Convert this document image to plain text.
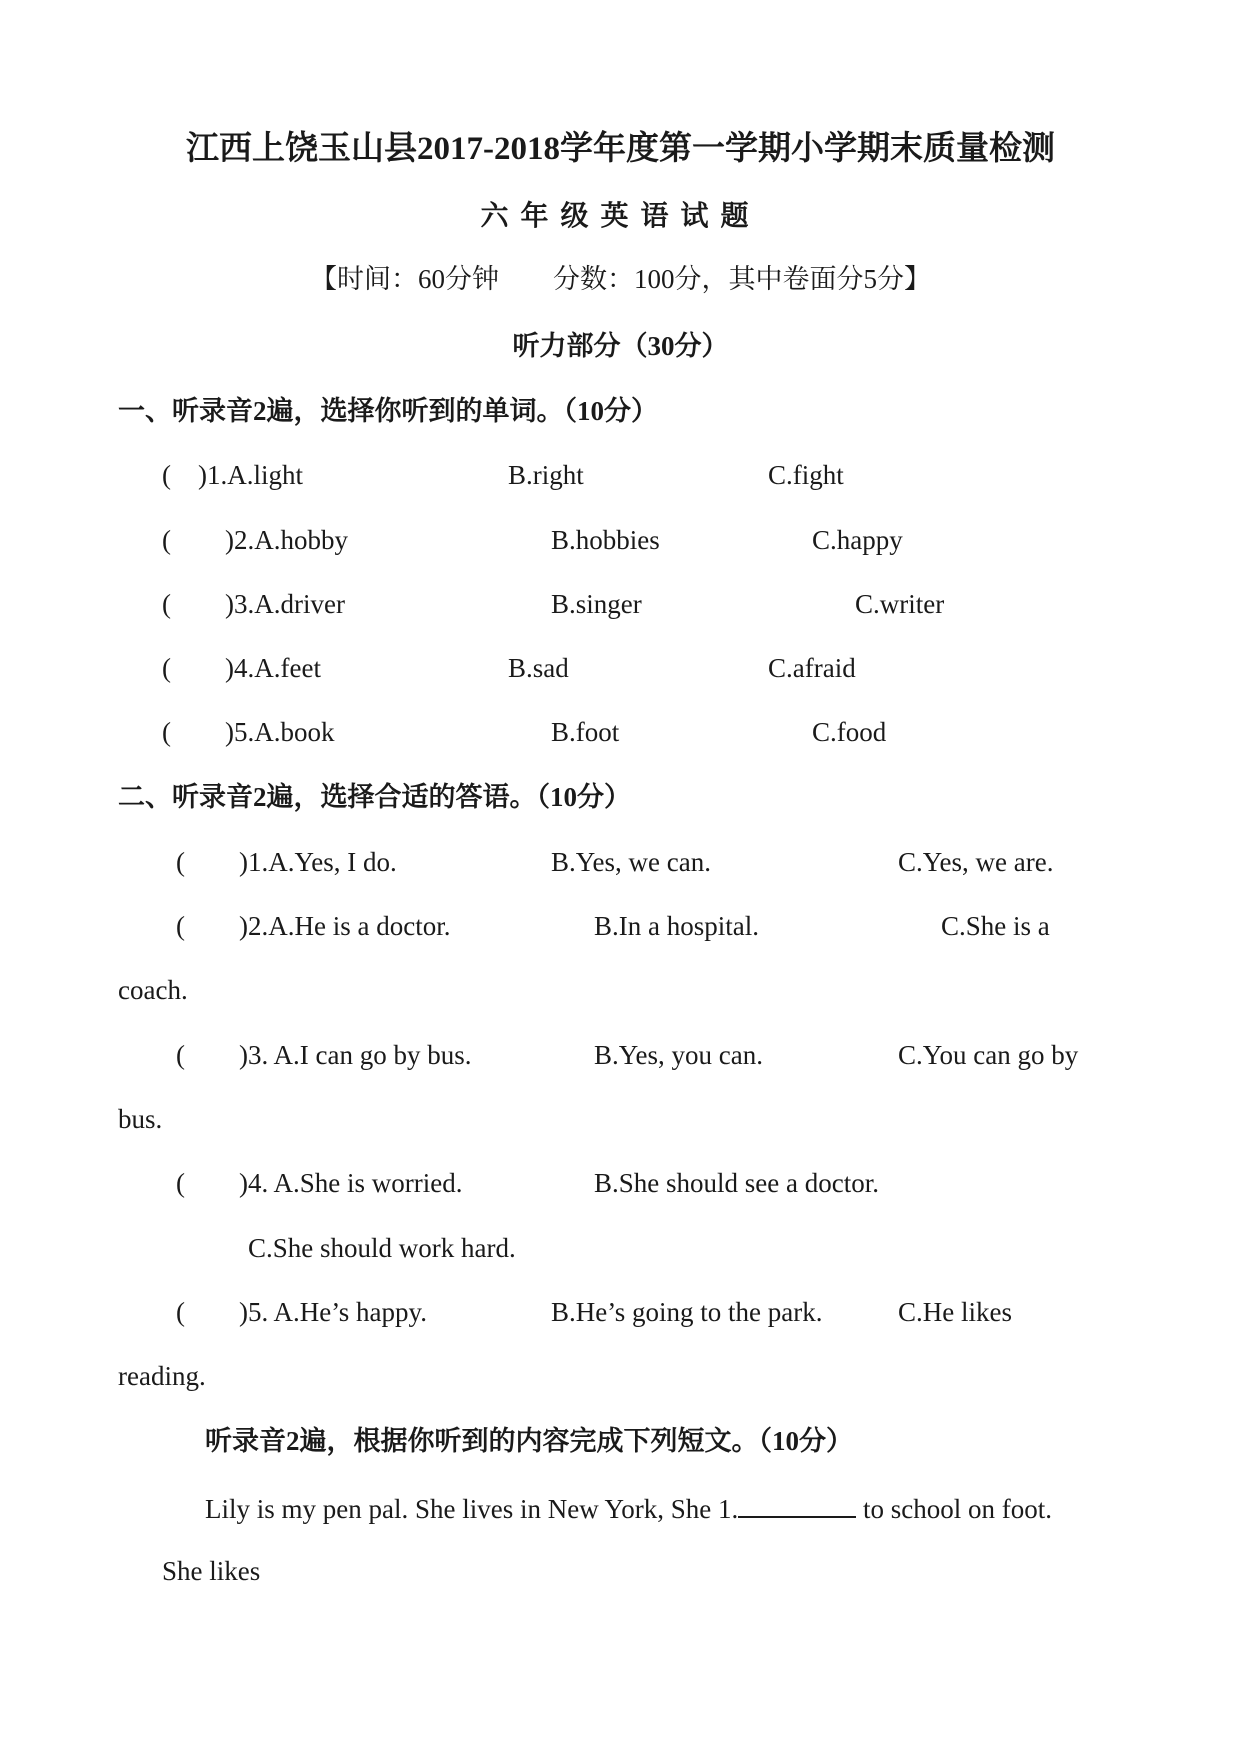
江西上饶玉山县2017-2018学年度第一学期小学期末质量检测
六年级英语试题
【时间：60分钟　　分数：100分，其中卷面分5分】
听力部分（30分）
一、听录音2遍，选择你听到的单词。（10分）
(　)1.A.light	B.right	C.fight
(　　)2.A.hobby	B.hobbies	C.happy
(　　)3.A.driver	B.singer	C.writer
(　　)4.A.feet	B.sad	C.afraid
(　　)5.A.book	B.foot	C.food
二、听录音2遍，选择合适的答语。（10分）
(　　)1.A.Yes, I do.	B.Yes, we can.	C.Yes, we are.
(　　)2.A.He is a doctor.	B.In a hospital.	C.She is a
coach.
(　　)3. A.I can go by bus.	B.Yes, you can.	C.You can go by
bus.
(　　)4. A.She is worried.	B.She should see a doctor.
C.She should work hard.
(　　)5. A.He’s happy.	B.He’s going to the park.	C.He likes
reading.
听录音2遍，根据你听到的内容完成下列短文。（10分）
Lily is my pen pal. She lives in New York, She 1.	to school on foot.
She likes
